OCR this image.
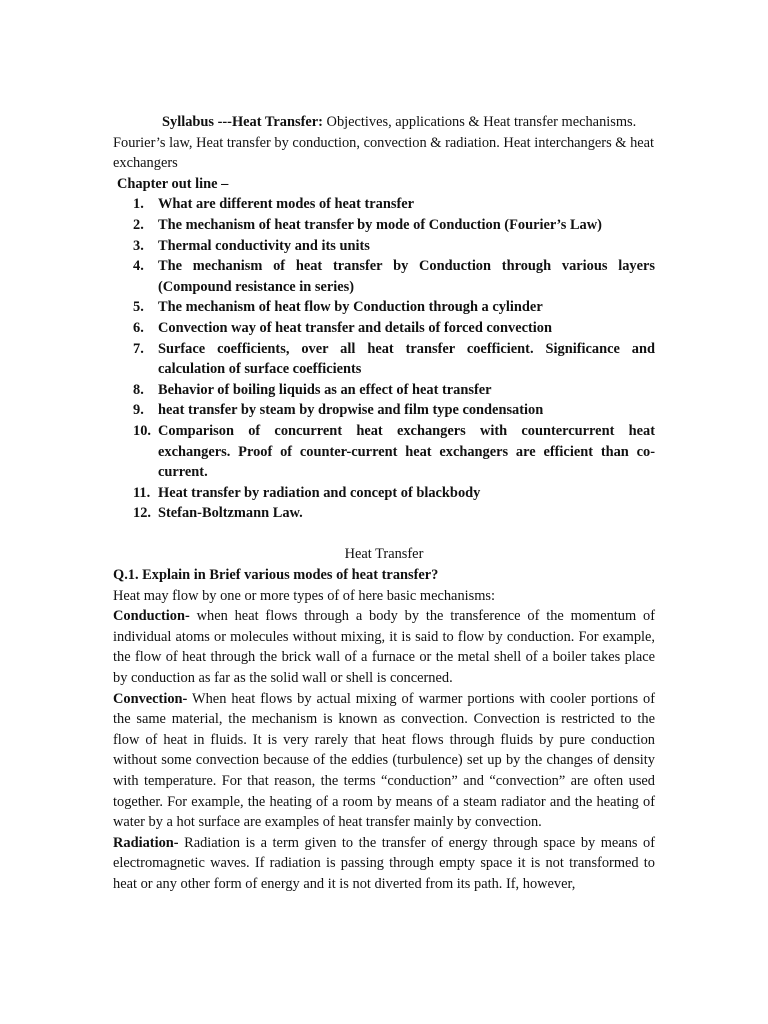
Syllabus ---Heat Transfer: Objectives, applications & Heat transfer mechanisms. Fourier’s law, Heat transfer by conduction, convection & radiation. Heat interchangers & heat exchangers
Chapter out line –
1. What are different modes of heat transfer
2. The mechanism of heat transfer by mode of Conduction (Fourier’s Law)
3. Thermal conductivity and its units
4. The mechanism of heat transfer by Conduction through various layers (Compound resistance in series)
5. The mechanism of heat flow by Conduction through a cylinder
6. Convection way of heat transfer and details of forced convection
7. Surface coefficients, over all heat transfer coefficient. Significance and calculation of surface coefficients
8. Behavior of boiling liquids as an effect of heat transfer
9. heat transfer by steam by dropwise and film type condensation
10. Comparison of concurrent heat exchangers with countercurrent heat exchangers. Proof of counter-current heat exchangers are efficient than co-current.
11. Heat transfer by radiation and concept of blackbody
12. Stefan-Boltzmann Law.
Heat Transfer
Q.1. Explain in Brief various modes of heat transfer?

Heat may flow by one or more types of of here basic mechanisms:

Conduction- when heat flows through a body by the transference of the momentum of individual atoms or molecules without mixing, it is said to flow by conduction. For example, the flow of heat through the brick wall of a furnace or the metal shell of a boiler takes place by conduction as far as the solid wall or shell is concerned.

Convection- When heat flows by actual mixing of warmer portions with cooler portions of the same material, the mechanism is known as convection. Convection is restricted to the flow of heat in fluids. It is very rarely that heat flows through fluids by pure conduction without some convection because of the eddies (turbulence) set up by the changes of density with temperature. For that reason, the terms “conduction” and “convection” are often used together. For example, the heating of a room by means of a steam radiator and the heating of water by a hot surface are examples of heat transfer mainly by convection.

Radiation- Radiation is a term given to the transfer of energy through space by means of electromagnetic waves. If radiation is passing through empty space it is not transformed to heat or any other form of energy and it is not diverted from its path. If, however,
